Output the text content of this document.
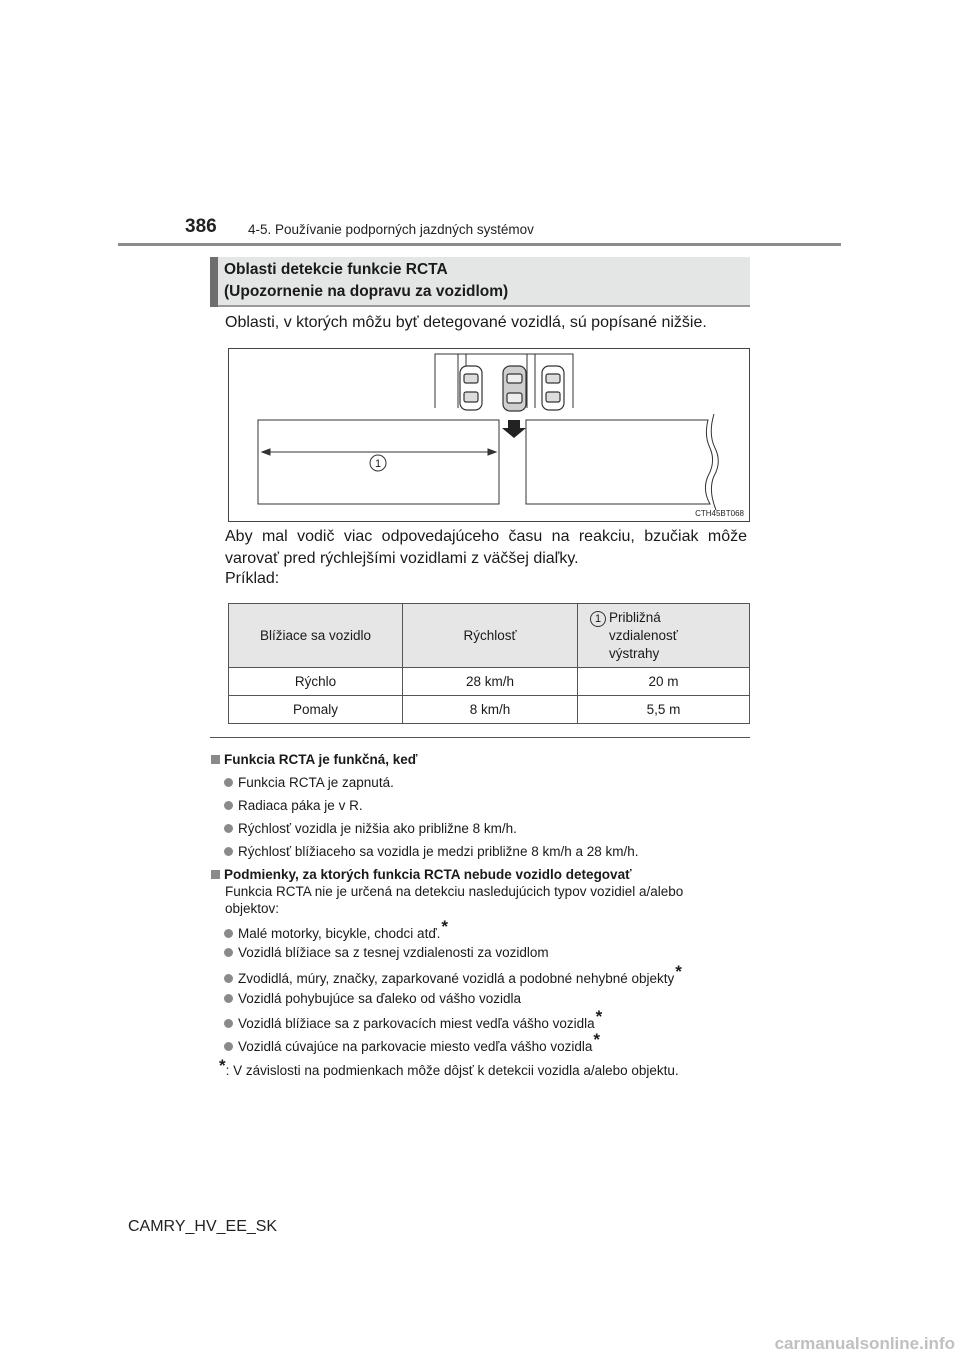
386 4-5. Používanie podporných jazdných systémov
Oblasti detekcie funkcie RCTA
(Upozornenie na dopravu za vozidlom)
Oblasti, v ktorých môžu byť detegované vozidlá, sú popísané nižšie.
1
CTH45BT068
Aby mal vodič viac odpovedajúceho času na reakciu, bzučiak môže
varovať pred rýchlejšími vozidlami z väčšej diaľky.
Príklad:
Blížiace sa vozidlo	Rýchlosť	1 Približná
vzdialenosť
výstrahy

Rýchlo	28 km/h	20 m
Pomaly	8 km/h	5,5 m
Funkcia RCTA je funkčná, keď
Funkcia RCTA je zapnutá.
Radiaca páka je v R.
Rýchlosť vozidla je nižšia ako približne 8 km/h.
Rýchlosť blížiaceho sa vozidla je medzi približne 8 km/h a 28 km/h.
Podmienky, za ktorých funkcia RCTA nebude vozidlo detegovať
Funkcia RCTA nie je určená na detekciu nasledujúcich typov vozidiel a/alebo
objektov:
Malé motorky, bicykle, chodci atď.*
Vozidlá blížiace sa z tesnej vzdialenosti za vozidlom
Zvodidlá, múry, značky, zaparkované vozidlá a podobné nehybné objekty*
Vozidlá pohybujúce sa ďaleko od vášho vozidla
Vozidlá blížiace sa z parkovacích miest vedľa vášho vozidla*
Vozidlá cúvajúce na parkovacie miesto vedľa vášho vozidla*
*: V závislosti na podmienkach môže dôjsť k detekcii vozidla a/alebo objektu.
CAMRY_HV_EE_SK
carmanualsonline.info
